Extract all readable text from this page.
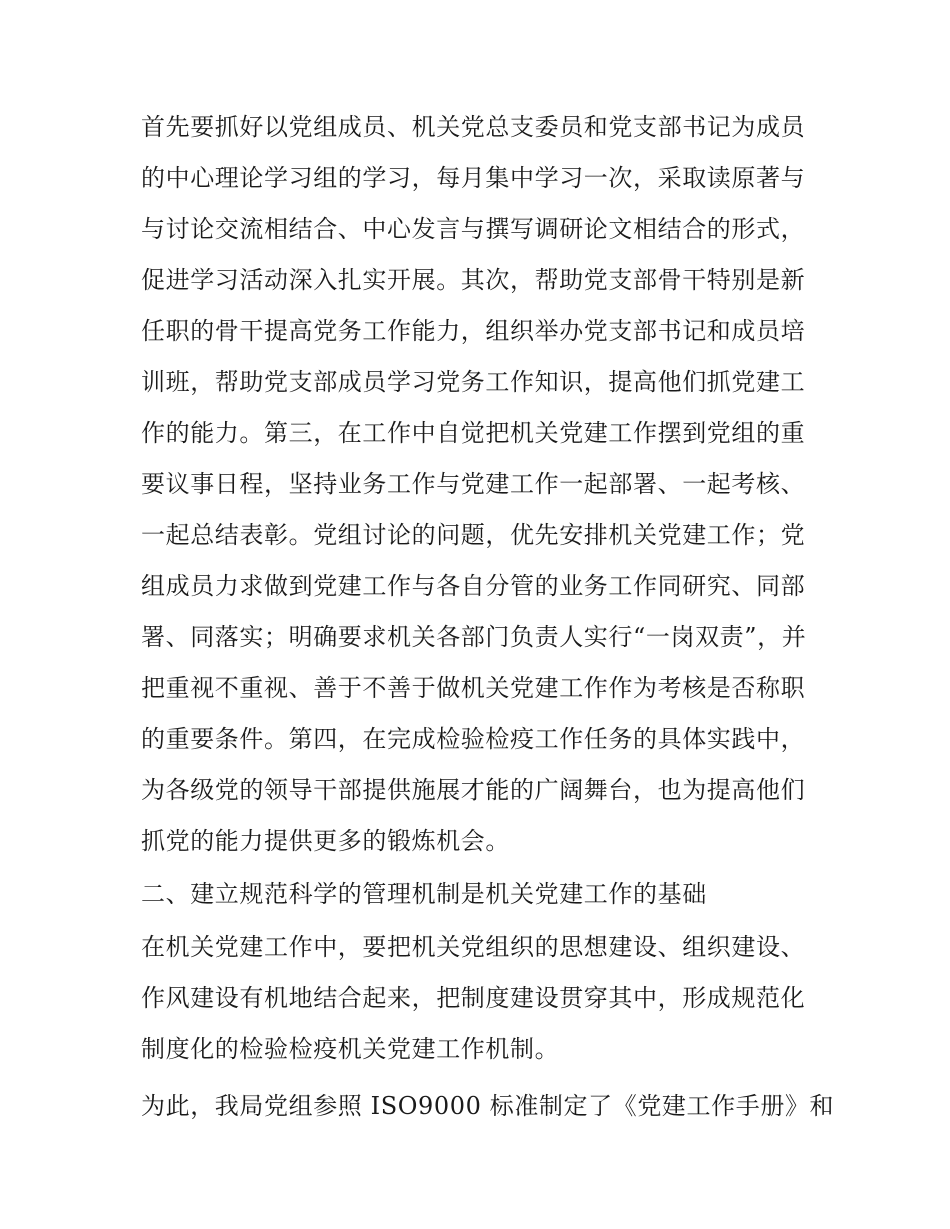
首先要抓好以党组成员、机关党总支委员和党支部书记为成员
的中心理论学习组的学习，每月集中学习一次，采取读原著与
与讨论交流相结合、中心发言与撰写调研论文相结合的形式，
促进学习活动深入扎实开展。其次，帮助党支部骨干特别是新
任职的骨干提高党务工作能力，组织举办党支部书记和成员培
训班，帮助党支部成员学习党务工作知识，提高他们抓党建工
作的能力。第三，在工作中自觉把机关党建工作摆到党组的重
要议事日程，坚持业务工作与党建工作一起部署、一起考核、
一起总结表彰。党组讨论的问题，优先安排机关党建工作；党
组成员力求做到党建工作与各自分管的业务工作同研究、同部
署、同落实；明确要求机关各部门负责人实行“一岗双责”，并
把重视不重视、善于不善于做机关党建工作作为考核是否称职
的重要条件。第四，在完成检验检疫工作任务的具体实践中，
为各级党的领导干部提供施展才能的广阔舞台，也为提高他们
抓党的能力提供更多的锻炼机会。
二、建立规范科学的管理机制是机关党建工作的基础
在机关党建工作中，要把机关党组织的思想建设、组织建设、
作风建设有机地结合起来，把制度建设贯穿其中，形成规范化
制度化的检验检疫机关党建工作机制。
为此，我局党组参照 ISO9000 标准制定了《党建工作手册》和
